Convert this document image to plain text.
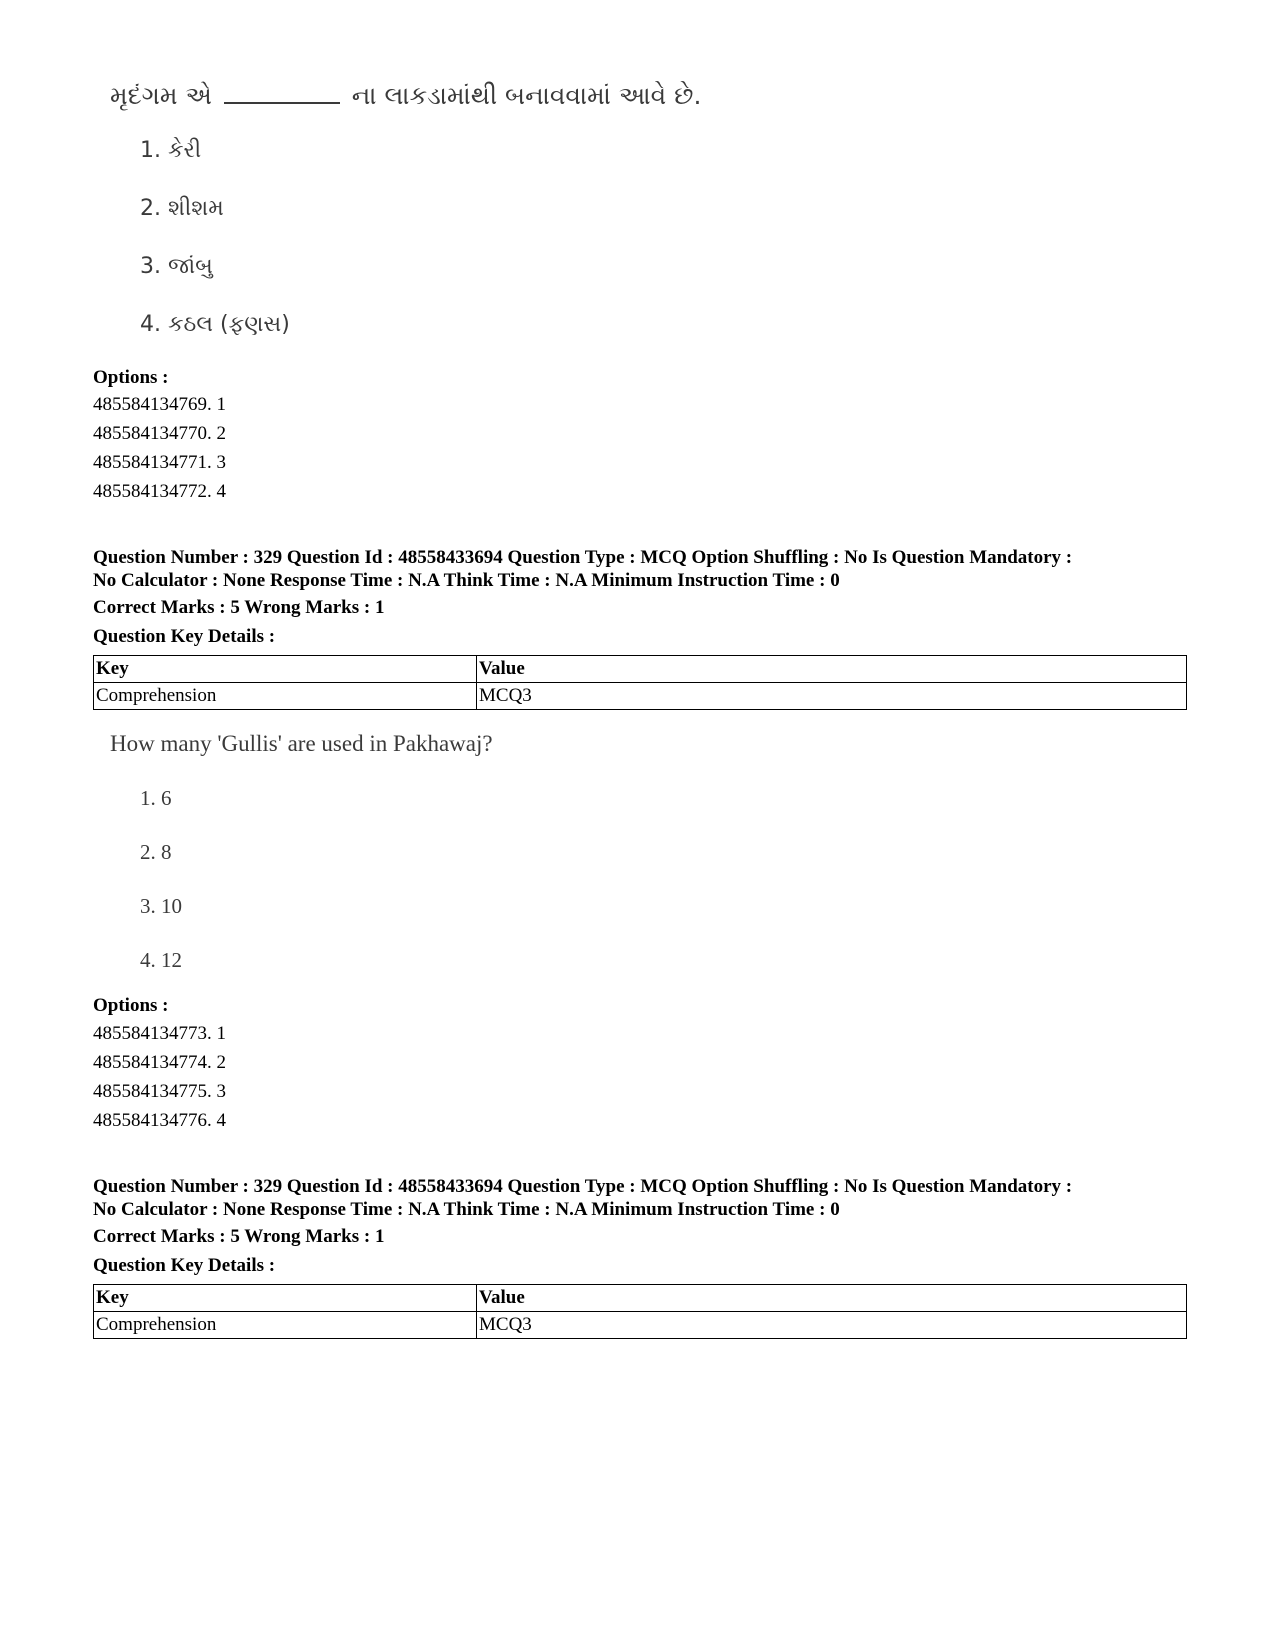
મૃદંગમ એ	ના લાકડામાંથી બનાવવામાં આવે છે.
1. કેરી
2. શીશમ
3. જાંબુ
4. કઠલ (ફણસ)
Options :
485584134769. 1
485584134770. 2
485584134771. 3
485584134772. 4
Question Number : 329 Question Id : 48558433694 Question Type : MCQ Option Shuffling : No Is Question Mandatory :
No Calculator : None Response Time : N.A Think Time : N.A Minimum Instruction Time : 0
Correct Marks : 5 Wrong Marks : 1
Question Key Details :
Key	Value
Comprehension	MCQ3
How many 'Gullis' are used in Pakhawaj?
1. 6
2. 8
3. 10
4. 12
Options :
485584134773. 1
485584134774. 2
485584134775. 3
485584134776. 4
Question Number : 329 Question Id : 48558433694 Question Type : MCQ Option Shuffling : No Is Question Mandatory :
No Calculator : None Response Time : N.A Think Time : N.A Minimum Instruction Time : 0
Correct Marks : 5 Wrong Marks : 1
Question Key Details :
Key	Value
Comprehension	MCQ3
